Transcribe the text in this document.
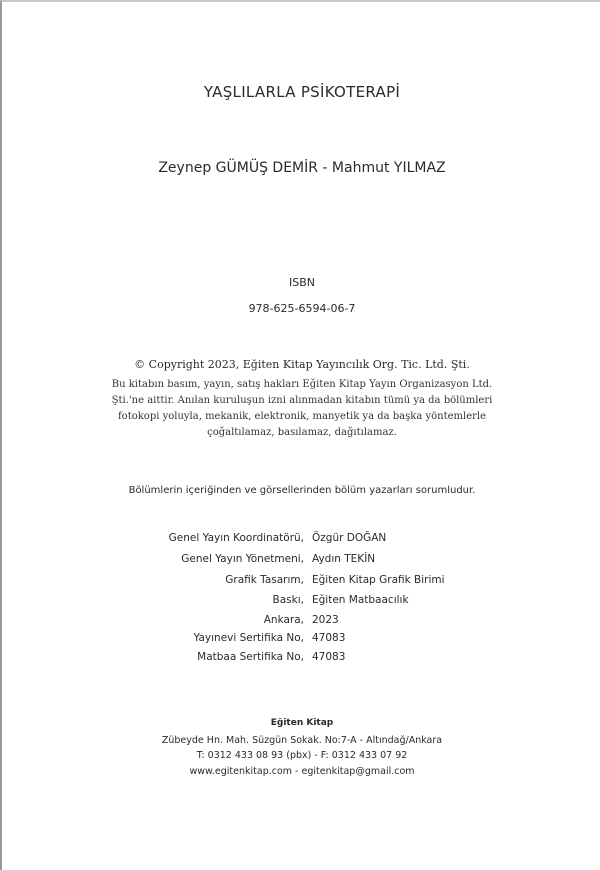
YAŞLILARLA PSİKOTERAPİ
Zeynep GÜMÜŞ DEMİR - Mahmut YILMAZ
ISBN
978-625-6594-06-7
© Copyright 2023, Eğiten Kitap Yayıncılık Org. Tic. Ltd. Şti.
Bu kitabın basım, yayın, satış hakları Eğiten Kitap Yayın Organizasyon Ltd. Şti.'ne aittir. Anılan kuruluşun izni alınmadan kitabın tümü ya da bölümleri fotokopi yoluyla, mekanik, elektronik, manyetik ya da başka yöntemlerle çoğaltılamaz, basılamaz, dağıtılamaz.
Bölümlerin içeriğinden ve görsellerinden bölüm yazarları sorumludur.
Genel Yayın Koordinatörü, Özgür DOĞAN
Genel Yayın Yönetmeni, Aydın TEKİN
Grafik Tasarım, Eğiten Kitap Grafik Birimi
Baskı, Eğiten Matbaacılık
Ankara, 2023
Yayınevi Sertifika No, 47083
Matbaa Sertifika No, 47083
Eğiten Kitap
Zübeyde Hn. Mah. Süzgün Sokak. No:7-A - Altındağ/Ankara
T: 0312 433 08 93 (pbx) - F: 0312 433 07 92
www.egitenkitap.com - egitenkitap@gmail.com
